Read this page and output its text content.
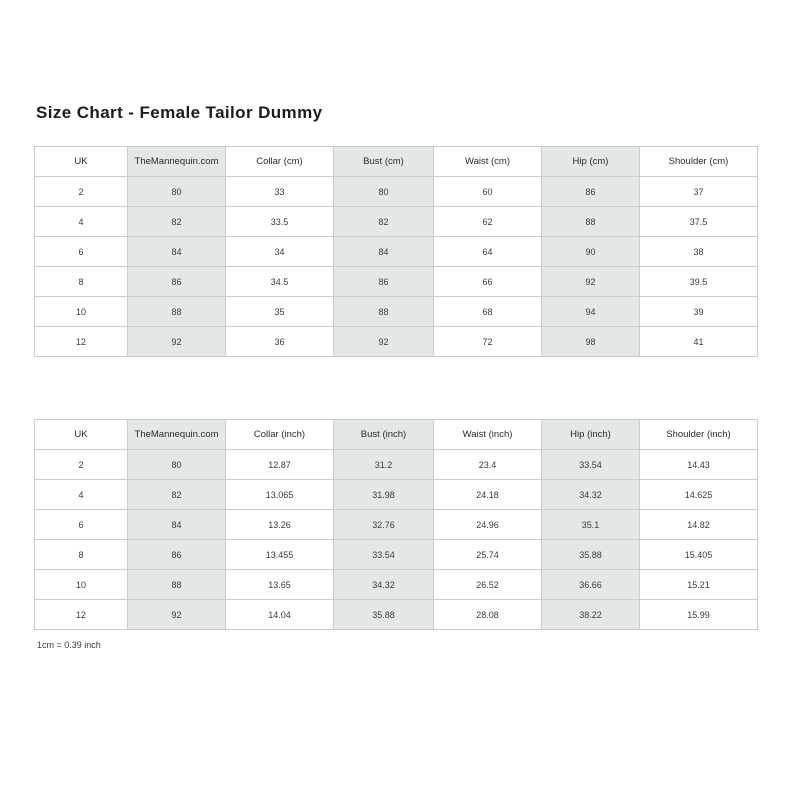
Size Chart - Female Tailor Dummy
UK	TheMannequin.com	Collar (cm)	Bust (cm)	Waist (cm)	Hip (cm)	Shoulder (cm)
2	80	33	80	60	86	37
4	82	33.5	82	62	88	37.5
6	84	34	84	64	90	38
8	86	34.5	86	66	92	39.5
10	88	35	88	68	94	39
12	92	36	92	72	98	41
UK	TheMannequin.com	Collar (inch)	Bust (inch)	Waist (inch)	Hip (inch)	Shoulder (inch)
2	80	12.87	31.2	23.4	33.54	14.43
4	82	13.065	31.98	24.18	34.32	14.625
6	84	13.26	32.76	24.96	35.1	14.82
8	86	13.455	33.54	25.74	35.88	15.405
10	88	13.65	34.32	26.52	36.66	15.21
12	92	14.04	35.88	28.08	38.22	15.99
1cm = 0.39 inch
